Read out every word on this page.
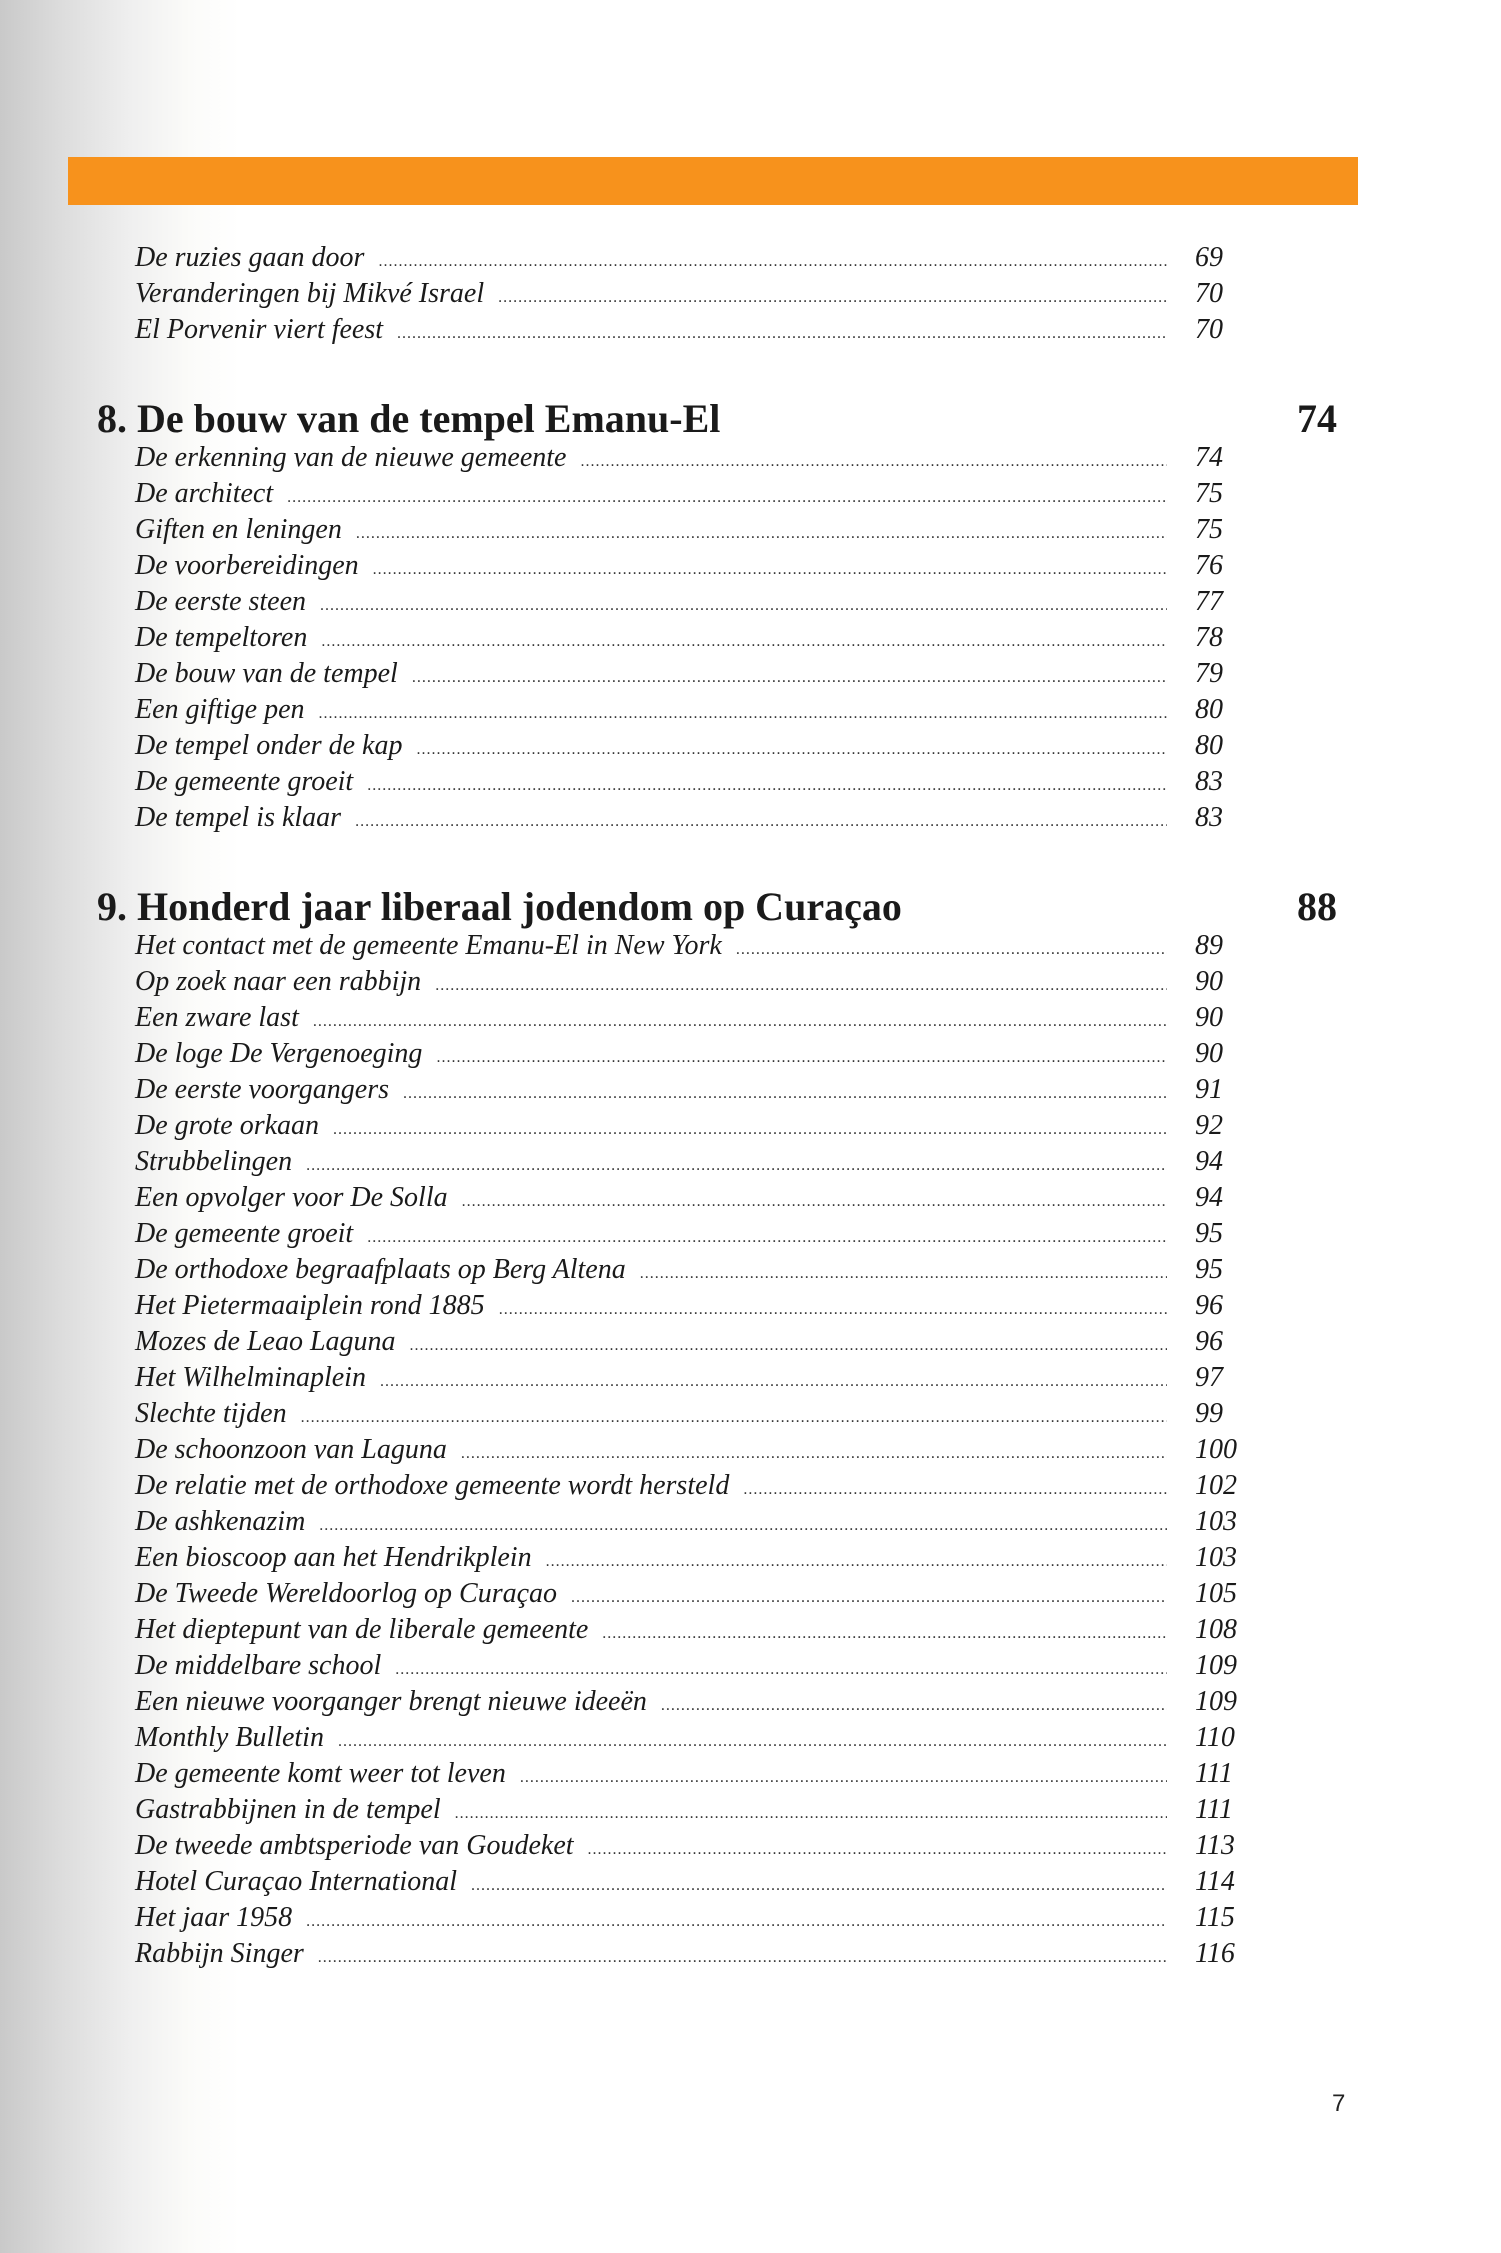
De ruzies gaan door .....	69
Veranderingen bij Mikvé Israel .....	70
El Porvenir viert feest .....	70
8. De bouw van de tempel Emanu-El	74
De erkenning van de nieuwe gemeente .....	74
De architect .....	75
Giften en leningen .....	75
De voorbereidingen .....	76
De eerste steen .....	77
De tempeltoren .....	78
De bouw van de tempel .....	79
Een giftige pen .....	80
De tempel onder de kap .....	80
De gemeente groeit .....	83
De tempel is klaar .....	83
9. Honderd jaar liberaal jodendom op Curaçao	88
Het contact met de gemeente Emanu-El in New York .....	89
Op zoek naar een rabbijn .....	90
Een zware last .....	90
De loge De Vergenoeging .....	90
De eerste voorgangers .....	91
De grote orkaan .....	92
Strubbelingen .....	94
Een opvolger voor De Solla .....	94
De gemeente groeit .....	95
De orthodoxe begraafplaats op Berg Altena .....	95
Het Pietermaaiplein rond 1885 .....	96
Mozes de Leao Laguna .....	96
Het Wilhelminaplein .....	97
Slechte tijden .....	99
De schoonzoon van Laguna .....	100
De relatie met de orthodoxe gemeente wordt hersteld .....	102
De ashkenazim .....	103
Een bioscoop aan het Hendrikplein .....	103
De Tweede Wereldoorlog op Curaçao .....	105
Het dieptepunt van de liberale gemeente .....	108
De middelbare school .....	109
Een nieuwe voorganger brengt nieuwe ideeën .....	109
Monthly Bulletin .....	110
De gemeente komt weer tot leven .....	111
Gastrabbijnen in de tempel .....	111
De tweede ambtsperiode van Goudeket .....	113
Hotel Curaçao International .....	114
Het jaar 1958 .....	115
Rabbijn Singer .....	116
7
